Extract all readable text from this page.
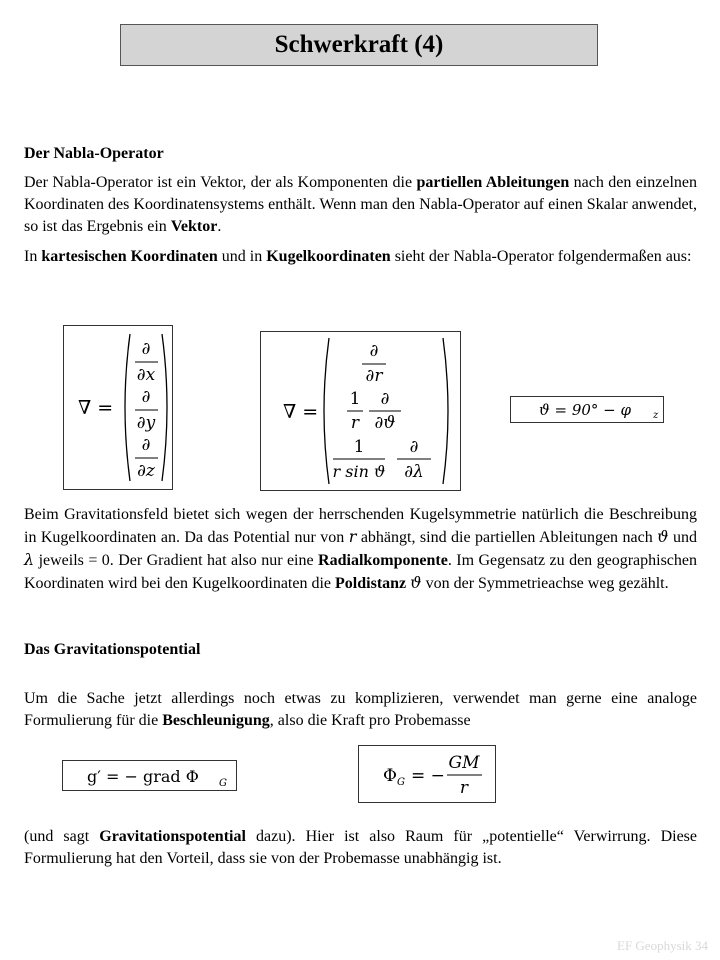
Schwerkraft (4)
Der Nabla-Operator
Der Nabla-Operator ist ein Vektor, der als Komponenten die partiellen Ableitungen nach den einzelnen Koordinaten des Koordinatensystems enthält. Wenn man den Nabla-Operator auf einen Skalar anwendet, so ist das Ergebnis ein Vektor.
In kartesischen Koordinaten und in Kugelkoordinaten sieht der Nabla-Operator folgendermaßen aus:
∇ =
∂
∂x
∂
∂y
∂
∂z
∇ =
∂
∂r
1
r
∂
∂ϑ
1
r sin ϑ
∂
∂λ
ϑ = 90° − φ z
Beim Gravitationsfeld bietet sich wegen der herrschenden Kugelsymmetrie natürlich die Beschreibung in Kugelkoordinaten an. Da das Potential nur von r abhängt, sind die partiellen Ableitungen nach ϑ und λ jeweils = 0. Der Gradient hat also nur eine Radialkomponente. Im Gegensatz zu den geographischen Koordinaten wird bei den Kugelkoordinaten die Poldistanz ϑ von der Symmetrieachse weg gezählt.
Das Gravitationspotential
Um die Sache jetzt allerdings noch etwas zu komplizieren, verwendet man gerne eine analoge Formulierung für die Beschleunigung, also die Kraft pro Probemasse
g′ = − grad Φ G	Φ G = −
GM
r
(und sagt Gravitationspotential dazu). Hier ist also Raum für „potentielle“ Verwirrung. Diese Formulierung hat den Vorteil, dass sie von der Probemasse unabhängig ist.
EF Geophysik 34
